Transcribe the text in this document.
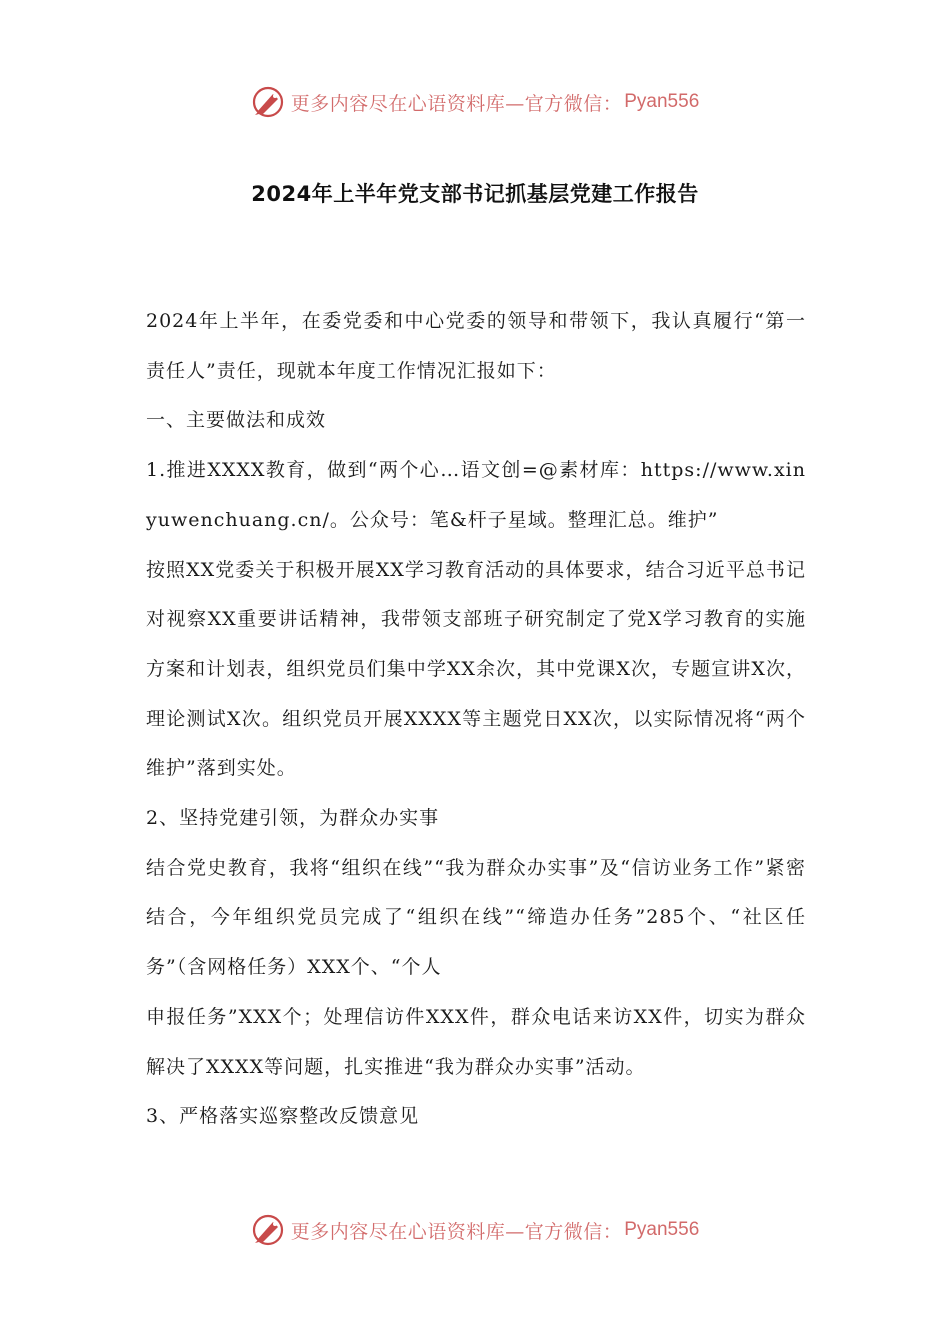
更多内容尽在心语资料库—官方微信： Pyan556
2024年上半年党支部书记抓基层党建工作报告

2024年上半年，在委党委和中心党委的领导和带领下，我认真履行“第一责任人”责任，现就本年度工作情况汇报如下：

一、主要做法和成效

1.推进XXXX教育，做到“两个心…语文创=@素材库：https://www.xinyuwenchuang.cn/。公众号：笔&杆子星域。整理汇总。维护”

按照XX党委关于积极开展XX学习教育活动的具体要求，结合习近平总书记对视察XX重要讲话精神，我带领支部班子研究制定了党X学习教育的实施方案和计划表，组织党员们集中学XX余次，其中党课X次，专题宣讲X次，理论测试X次。组织党员开展XXXX等主题党日XX次，以实际情况将“两个维护”落到实处。

2、坚持党建引领，为群众办实事

结合党史教育，我将“组织在线”“我为群众办实事”及“信访业务工作”紧密结合，今年组织党员完成了“组织在线”“缔造办任务”285个、“社区任务”（含网格任务）XXX个、“个人

申报任务”XXX个；处理信访件XXX件，群众电话来访XX件，切实为群众解决了XXXX等问题，扎实推进“我为群众办实事”活动。

3、严格落实巡察整改反馈意见

更多内容尽在心语资料库—官方微信： Pyan556
